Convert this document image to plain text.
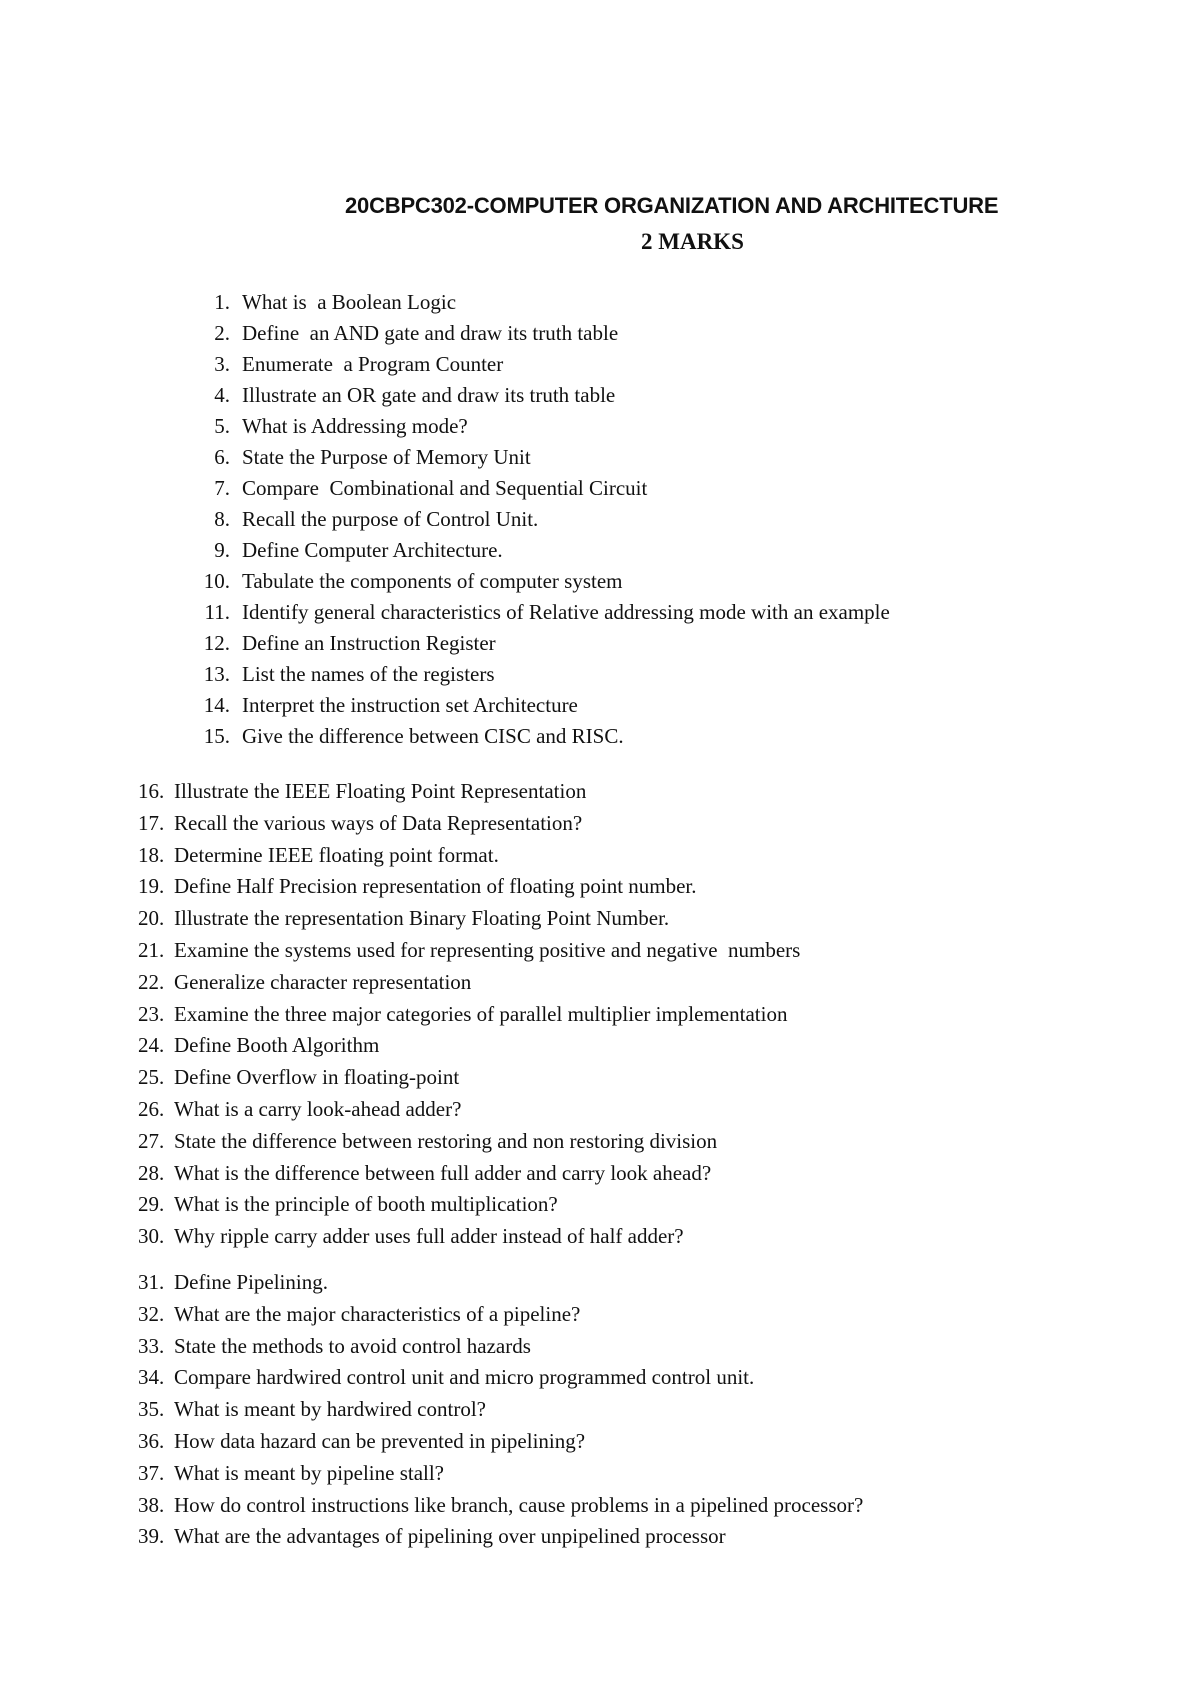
20CBPC302-COMPUTER ORGANIZATION AND ARCHITECTURE
2 MARKS
1. What is  a Boolean Logic
2. Define  an AND gate and draw its truth table
3. Enumerate  a Program Counter
4. Illustrate an OR gate and draw its truth table
5. What is Addressing mode?
6. State the Purpose of Memory Unit
7. Compare  Combinational and Sequential Circuit
8. Recall the purpose of Control Unit.
9. Define Computer Architecture.
10. Tabulate the components of computer system
11. Identify general characteristics of Relative addressing mode with an example
12. Define an Instruction Register
13. List the names of the registers
14. Interpret the instruction set Architecture
15. Give the difference between CISC and RISC.
16. Illustrate the IEEE Floating Point Representation
17. Recall the various ways of Data Representation?
18. Determine IEEE floating point format.
19. Define Half Precision representation of floating point number.
20. Illustrate the representation Binary Floating Point Number.
21. Examine the systems used for representing positive and negative  numbers
22. Generalize character representation
23. Examine the three major categories of parallel multiplier implementation
24. Define Booth Algorithm
25. Define Overflow in floating-point
26. What is a carry look-ahead adder?
27. State the difference between restoring and non restoring division
28. What is the difference between full adder and carry look ahead?
29. What is the principle of booth multiplication?
30. Why ripple carry adder uses full adder instead of half adder?
31. Define Pipelining.
32. What are the major characteristics of a pipeline?
33. State the methods to avoid control hazards
34. Compare hardwired control unit and micro programmed control unit.
35. What is meant by hardwired control?
36. How data hazard can be prevented in pipelining?
37. What is meant by pipeline stall?
38. How do control instructions like branch, cause problems in a pipelined processor?
39. What are the advantages of pipelining over unpipelined processor
